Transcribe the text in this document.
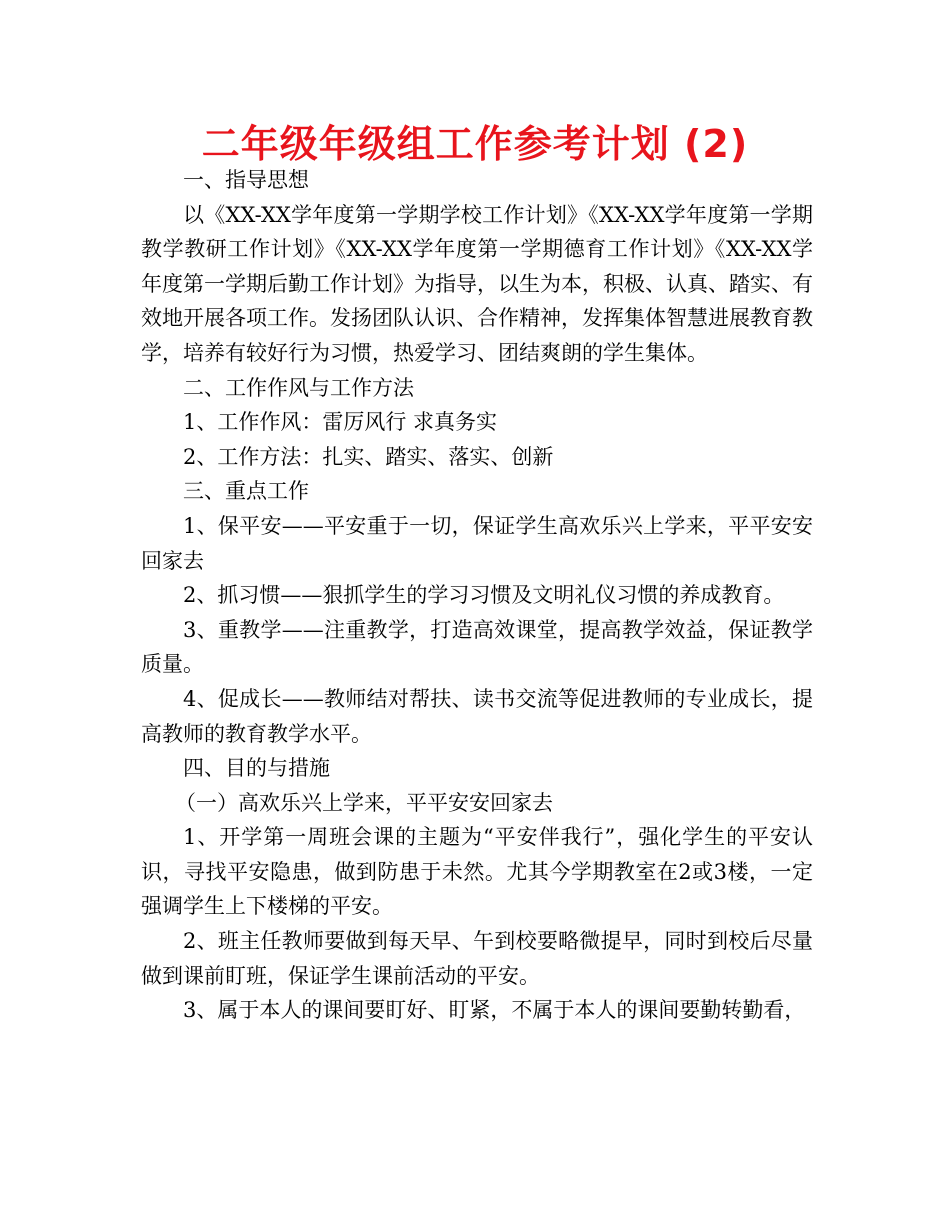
二年级年级组工作参考计划 (2)

一、指导思想

以《XX-XX学年度第一学期学校工作计划》《XX-XX学年度第一学期教学教研工作计划》《XX-XX学年度第一学期德育工作计划》《XX-XX学年度第一学期后勤工作计划》为指导，以生为本，积极、认真、踏实、有效地开展各项工作。发扬团队认识、合作精神，发挥集体智慧进展教育教学，培养有较好行为习惯，热爱学习、团结爽朗的学生集体。

二、工作作风与工作方法

1、工作作风：雷厉风行 求真务实

2、工作方法：扎实、踏实、落实、创新

三、重点工作

1、保平安——平安重于一切，保证学生高欢乐兴上学来，平平安安回家去

2、抓习惯——狠抓学生的学习习惯及文明礼仪习惯的养成教育。

3、重教学——注重教学，打造高效课堂，提高教学效益，保证教学质量。

4、促成长——教师结对帮扶、读书交流等促进教师的专业成长，提高教师的教育教学水平。

四、目的与措施

（一）高欢乐兴上学来，平平安安回家去

1、开学第一周班会课的主题为“平安伴我行”，强化学生的平安认识，寻找平安隐患，做到防患于未然。尤其今学期教室在2或3楼，一定强调学生上下楼梯的平安。

2、班主任教师要做到每天早、午到校要略微提早，同时到校后尽量做到课前盯班，保证学生课前活动的平安。

3、属于本人的课间要盯好、盯紧，不属于本人的课间要勤转勤看，
